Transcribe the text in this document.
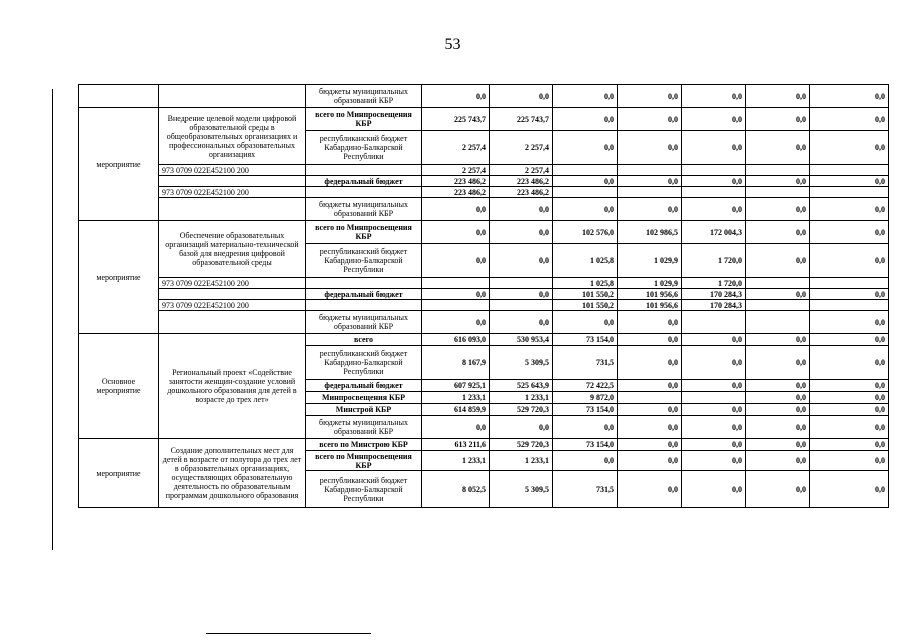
53
		бюджеты муниципальных образований КБР	0,0	0,0	0,0	0,0	0,0	0,0	0,0
мероприятие	Внедрение целевой модели цифровой образовательной среды в общеобразовательных организациях и профессиональных образовательных организациях	всего по Минпросвещения КБР	225 743,7	225 743,7	0,0	0,0	0,0	0,0	0,0
		республиканский бюджет Кабардино-Балкарской Республики	2 257,4	2 257,4	0,0	0,0	0,0	0,0	0,0
	973 0709 022E452100 200		2 257,4	2 257,4					
		федеральный бюджет	223 486,2	223 486,2	0,0	0,0	0,0	0,0	0,0
	973 0709 022E452100 200		223 486,2	223 486,2					
		бюджеты муниципальных образований КБР	0,0	0,0	0,0	0,0	0,0	0,0	0,0
мероприятие	Обеспечение образовательных организаций материально-технической базой для внедрения цифровой образовательной среды	всего по Минпросвещения КБР	0,0	0,0	102 576,0	102 986,5	172 004,3	0,0	0,0
		республиканский бюджет Кабардино-Балкарской Республики	0,0	0,0	1 025,8	1 029,9	1 720,0	0,0	0,0
	973 0709 022E452100 200				1 025,8	1 029,9	1 720,0		
		федеральный бюджет	0,0	0,0	101 550,2	101 956,6	170 284,3	0,0	0,0
	973 0709 022E452100 200				101 550,2	101 956,6	170 284,3		
		бюджеты муниципальных образований КБР	0,0	0,0	0,0	0,0			0,0
Основное мероприятие	Региональный проект «Содействие занятости женщин-создание условий дошкольного образования для детей в возрасте до трех лет»	всего	616 093,0	530 953,4	73 154,0	0,0	0,0	0,0	0,0
		республиканский бюджет Кабардино-Балкарской Республики	8 167,9	5 309,5	731,5	0,0	0,0	0,0	0,0
		федеральный бюджет	607 925,1	525 643,9	72 422,5	0,0	0,0	0,0	0,0
		Минпросвещения КБР	1 233,1	1 233,1	9 872,0			0,0	0,0
		Минстрой КБР	614 859,9	529 720,3	73 154,0	0,0	0,0	0,0	0,0
		бюджеты муниципальных образований КБР	0,0	0,0	0,0	0,0	0,0	0,0	0,0
мероприятие	Создание дополнительных мест для детей в возрасте от полутора до трех лет в образовательных организациях, осуществляющих образовательную деятельность по образовательным программам дошкольного образования	всего по Минстрою КБР	613 211,6	529 720,3	73 154,0	0,0	0,0	0,0	0,0
		всего по Минпросвещения КБР	1 233,1	1 233,1	0,0	0,0	0,0	0,0	0,0
		республиканский бюджет Кабардино-Балкарской Республики	8 052,5	5 309,5	731,5	0,0	0,0	0,0	0,0
